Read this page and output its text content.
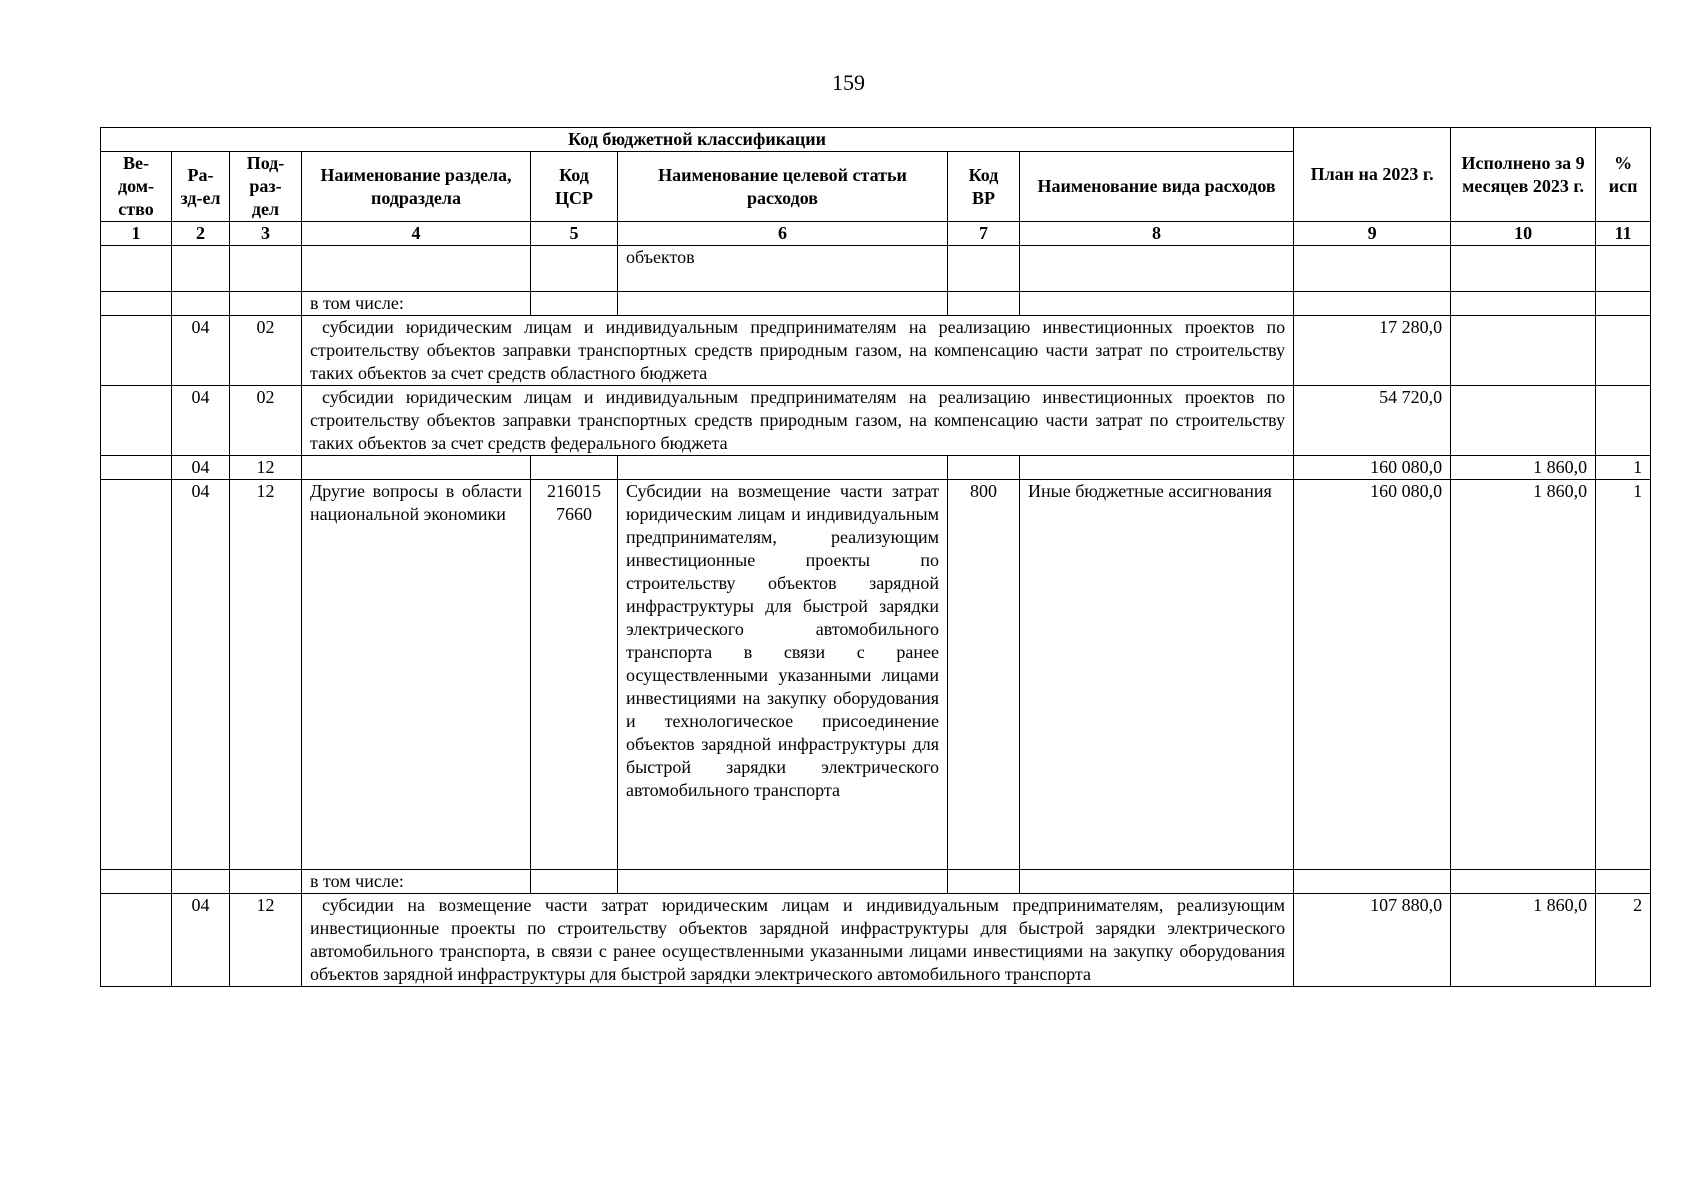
159
Код бюджетной классификации								План на 2023 г.	Исполнено за 9 месяцев 2023 г.	% исп
Ве-дом-ство	Ра-зд-ел	Под-раз-дел	Наименование раздела, подраздела	Код ЦСР	Наименование целевой статьи расходов	Код ВР	Наименование вида расходов			
1	2	3	4	5	6	7	8	9	10	11
					объектов					
			в том числе:							
	04	02	субсидии юридическим лицам и индивидуальным предпринимателям на реализацию инвестиционных проектов по строительству объектов заправки транспортных средств природным газом, на компенсацию части затрат по строительству таких объектов за счет средств областного бюджета					17 280,0		
	04	02	субсидии юридическим лицам и индивидуальным предпринимателям на реализацию инвестиционных проектов по строительству объектов заправки транспортных средств природным газом, на компенсацию части затрат по строительству таких объектов за счет средств федерального бюджета					54 720,0		
	04	12						160 080,0	1 860,0	1
	04	12	Другие вопросы в области национальной экономики	216015 7660	Субсидии на возмещение части затрат юридическим лицам и индивидуальным предпринимателям, реализующим инвестиционные проекты по строительству объектов зарядной инфраструктуры для быстрой зарядки электрического автомобильного транспорта в связи с ранее осуществленными указанными лицами инвестициями на закупку оборудования и технологическое присоединение объектов зарядной инфраструктуры для быстрой зарядки электрического автомобильного транспорта	800	Иные бюджетные ассигнования	160 080,0	1 860,0	1
			в том числе:							
	04	12	субсидии на возмещение части затрат юридическим лицам и индивидуальным предпринимателям, реализующим инвестиционные проекты по строительству объектов зарядной инфраструктуры для быстрой зарядки электрического автомобильного транспорта, в связи с ранее осуществленными указанными лицами инвестициями на закупку оборудования объектов зарядной инфраструктуры для быстрой зарядки электрического автомобильного транспорта					107 880,0	1 860,0	2
